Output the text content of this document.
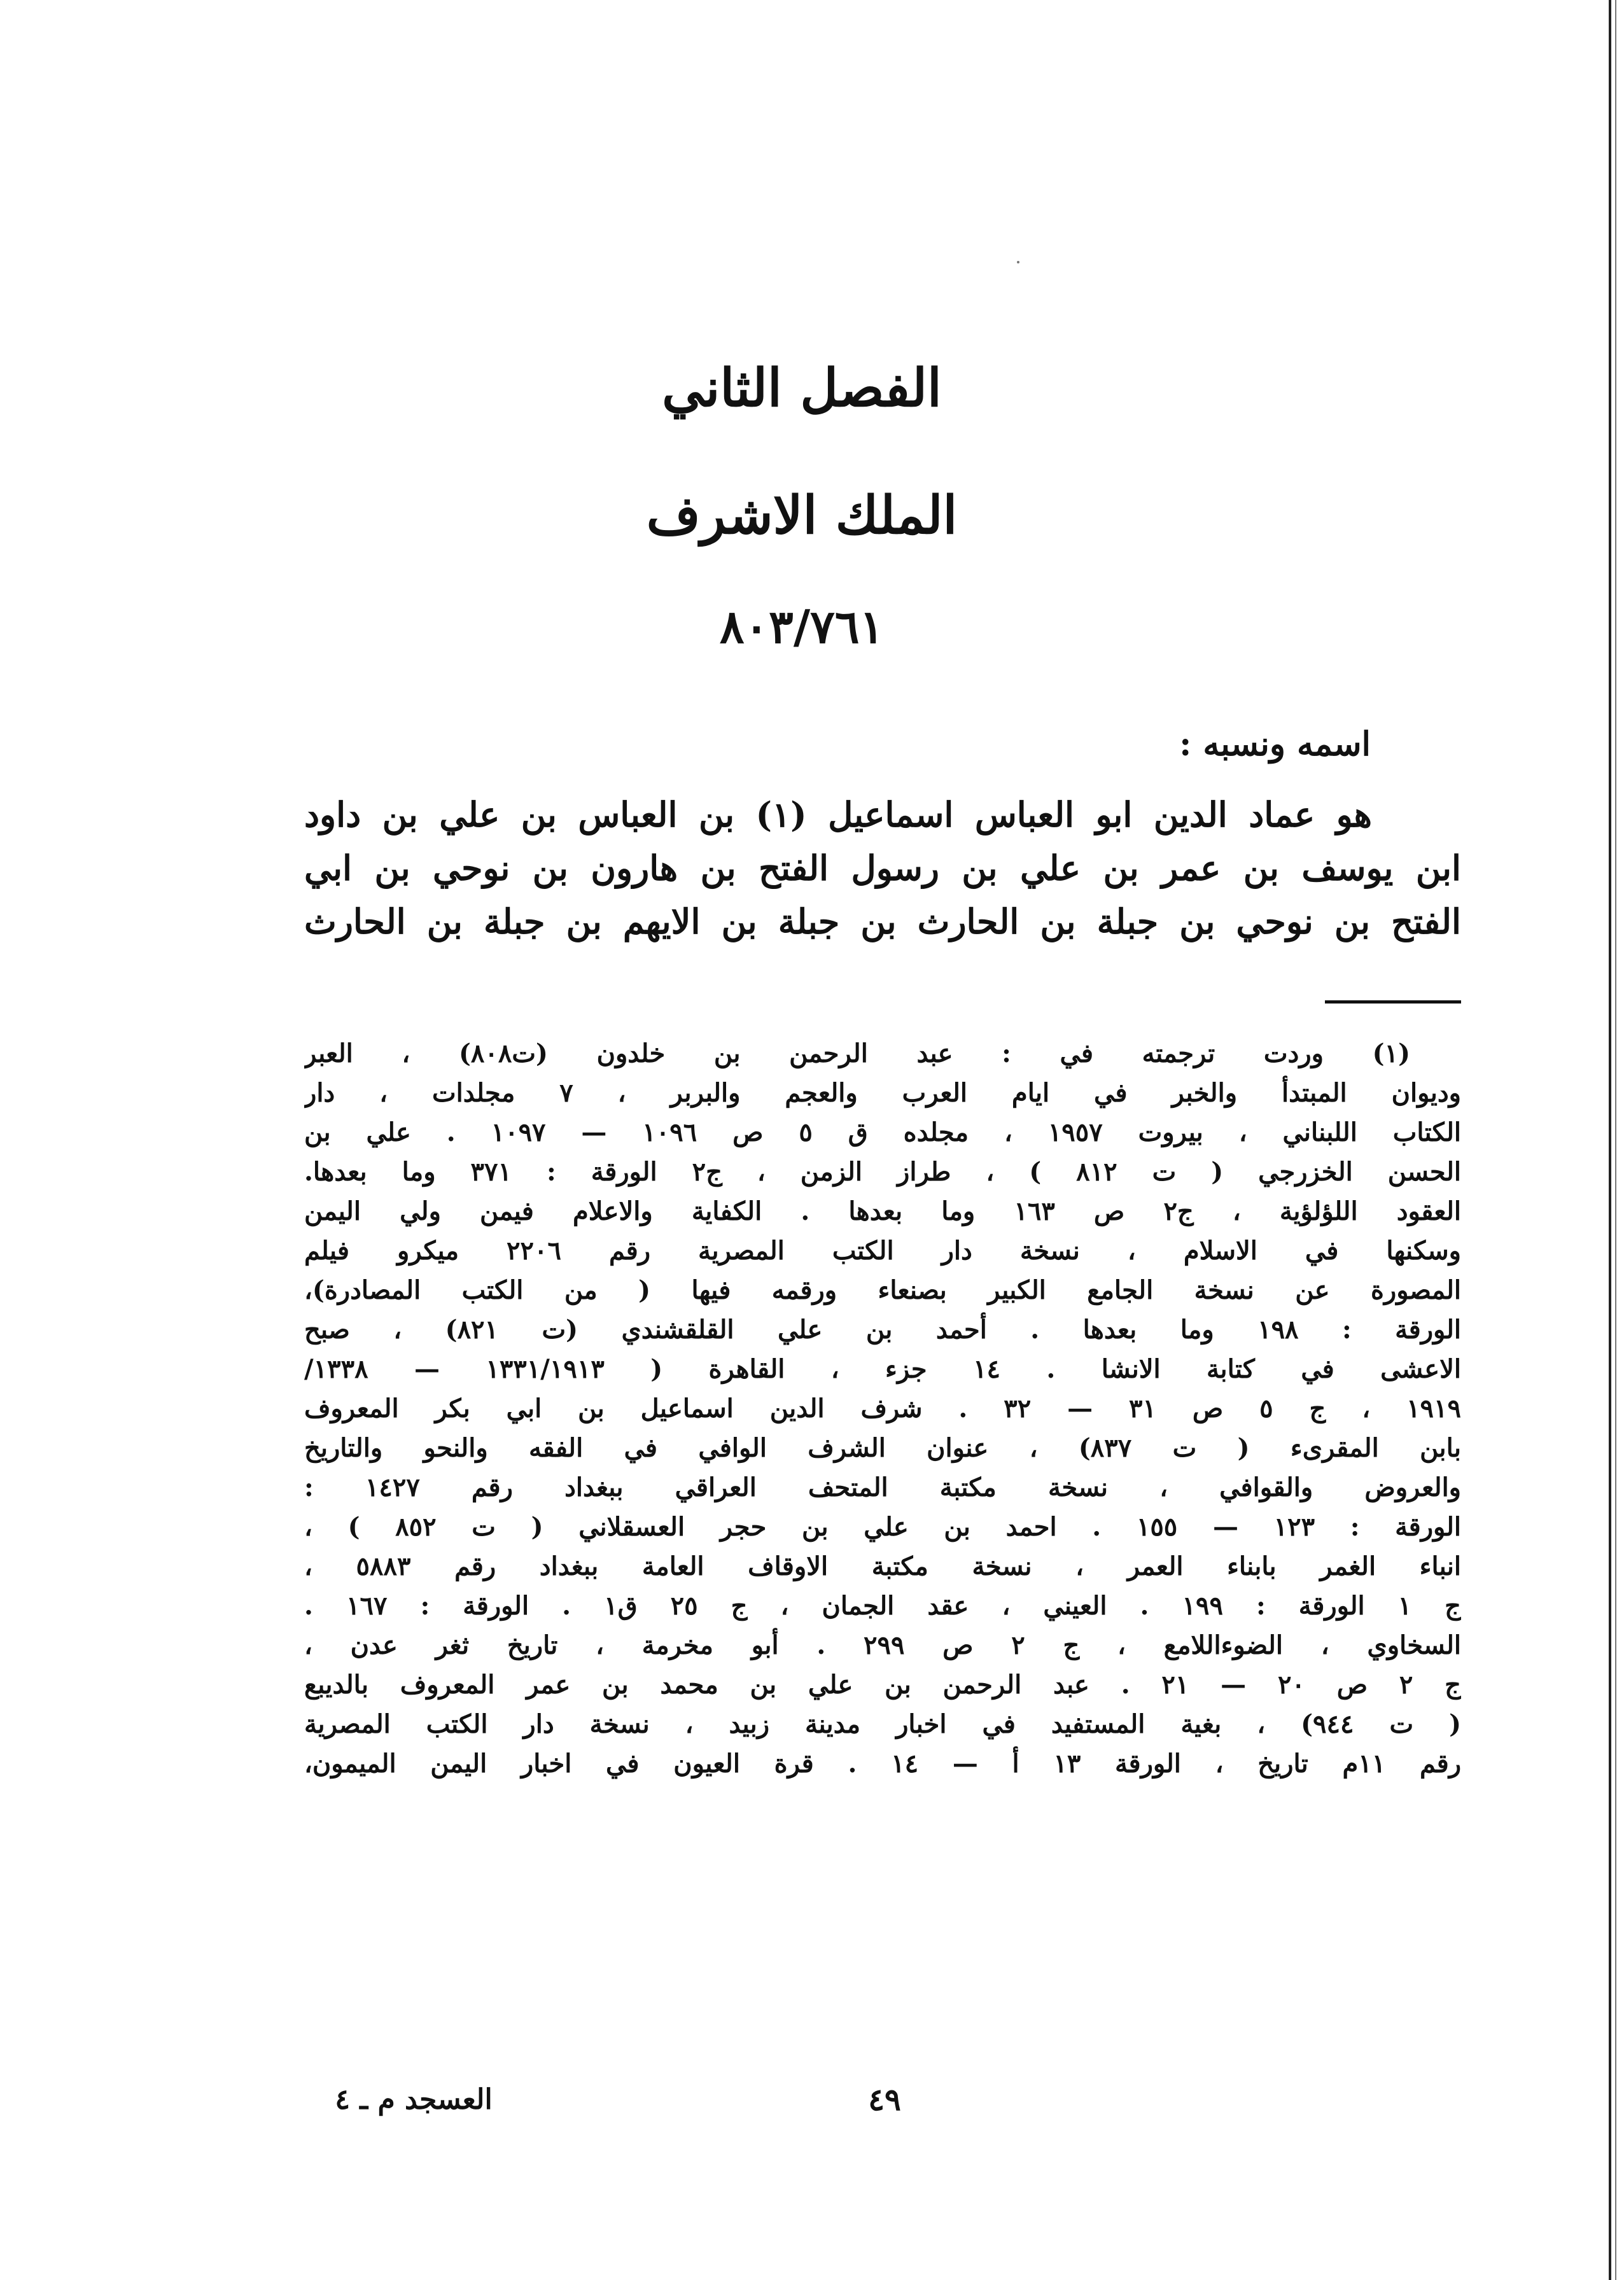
الفصل الثاني
الملك الاشرف
٨٠٣/٧٦١
اسمه ونسبه :
هو عماد الدين ابو العباس اسماعيل (١) بن العباس بن علي بن داود
ابن يوسف بن عمر بن علي بن رسول الفتح بن هارون بن نوحي بن ابي
الفتح بن نوحي بن جبلة بن الحارث بن جبلة بن الايهم بن جبلة بن الحارث
(١) وردت ترجمته في : عبد الرحمن بن خلدون (ت٨٠٨) ، العبر
وديوان المبتدأ والخبر في ايام العرب والعجم والبربر ، ٧ مجلدات ، دار
الكتاب اللبناني ، بيروت ١٩٥٧ ، مجلده ق ٥ ص ١٠٩٦ — ١٠٩٧ . علي بن
الحسن الخزرجي ( ت ٨١٢ ) ، طراز الزمن ، ج٢ الورقة : ٣٧١ وما بعدها.
العقود اللؤلؤية ، ج٢ ص ١٦٣ وما بعدها . الكفاية والاعلام فيمن ولي اليمن
وسكنها في الاسلام ، نسخة دار الكتب المصرية رقم ٢٢٠٦ ميكرو فيلم
المصورة عن نسخة الجامع الكبير بصنعاء ورقمه فيها ( من الكتب المصادرة)،
الورقة : ١٩٨ وما بعدها . أحمد بن علي القلقشندي (ت ٨٢١) ، صبح
الاعشى في كتابة الانشا . ١٤ جزء ، القاهرة ( ١٣٣١/١٩١٣ — ١٣٣٨/
١٩١٩ ، ج ٥ ص ٣١ — ٣٢ . شرف الدين اسماعيل بن ابي بكر المعروف
بابن المقرىء ( ت ٨٣٧) ، عنوان الشرف الوافي في الفقه والنحو والتاريخ
والعروض والقوافي ، نسخة مكتبة المتحف العراقي ببغداد رقم ١٤٢٧ :
الورقة : ١٢٣ — ١٥٥ . احمد بن علي بن حجر العسقلاني ( ت ٨٥٢ ) ،
انباء الغمر بابناء العمر ، نسخة مكتبة الاوقاف العامة ببغداد رقم ٥٨٨٣ ،
ج ١ الورقة : ١٩٩ . العيني ، عقد الجمان ، ج ٢٥ ق١ . الورقة : ١٦٧ .
السخاوي ، الضوءاللامع ، ج ٢ ص ٢٩٩ . أبو مخرمة ، تاريخ ثغر عدن ،
ج ٢ ص ٢٠ — ٢١ . عبد الرحمن بن علي بن محمد بن عمر المعروف بالديبع
( ت ٩٤٤) ، بغية المستفيد في اخبار مدينة زبيد ، نسخة دار الكتب المصرية
رقم ١١م تاريخ ، الورقة ١٣ أ — ١٤ . قرة العيون في اخبار اليمن الميمون،
٤٩
العسجد م ـ ٤
